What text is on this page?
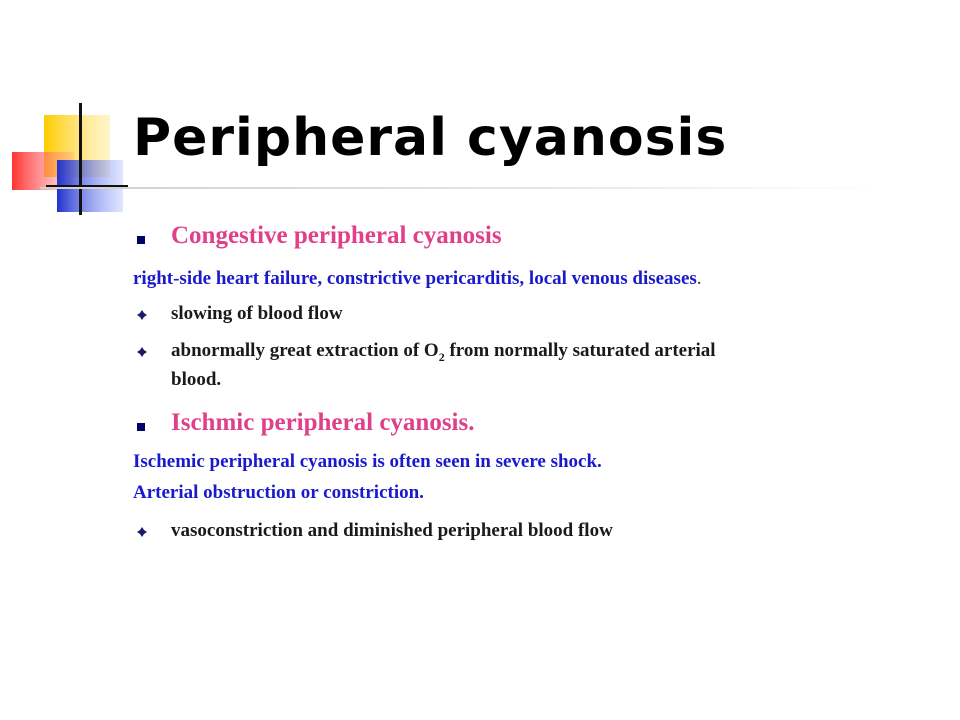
Peripheral cyanosis
Congestive peripheral cyanosis
right-side heart failure, constrictive pericarditis, local venous diseases.
slowing of blood flow
abnormally great extraction of $O_2$ from normally saturated arterial
blood.
Ischmic peripheral cyanosis.
Ischemic peripheral cyanosis is often seen in severe shock.
Arterial obstruction or constriction.
vasoconstriction and diminished peripheral blood flow
